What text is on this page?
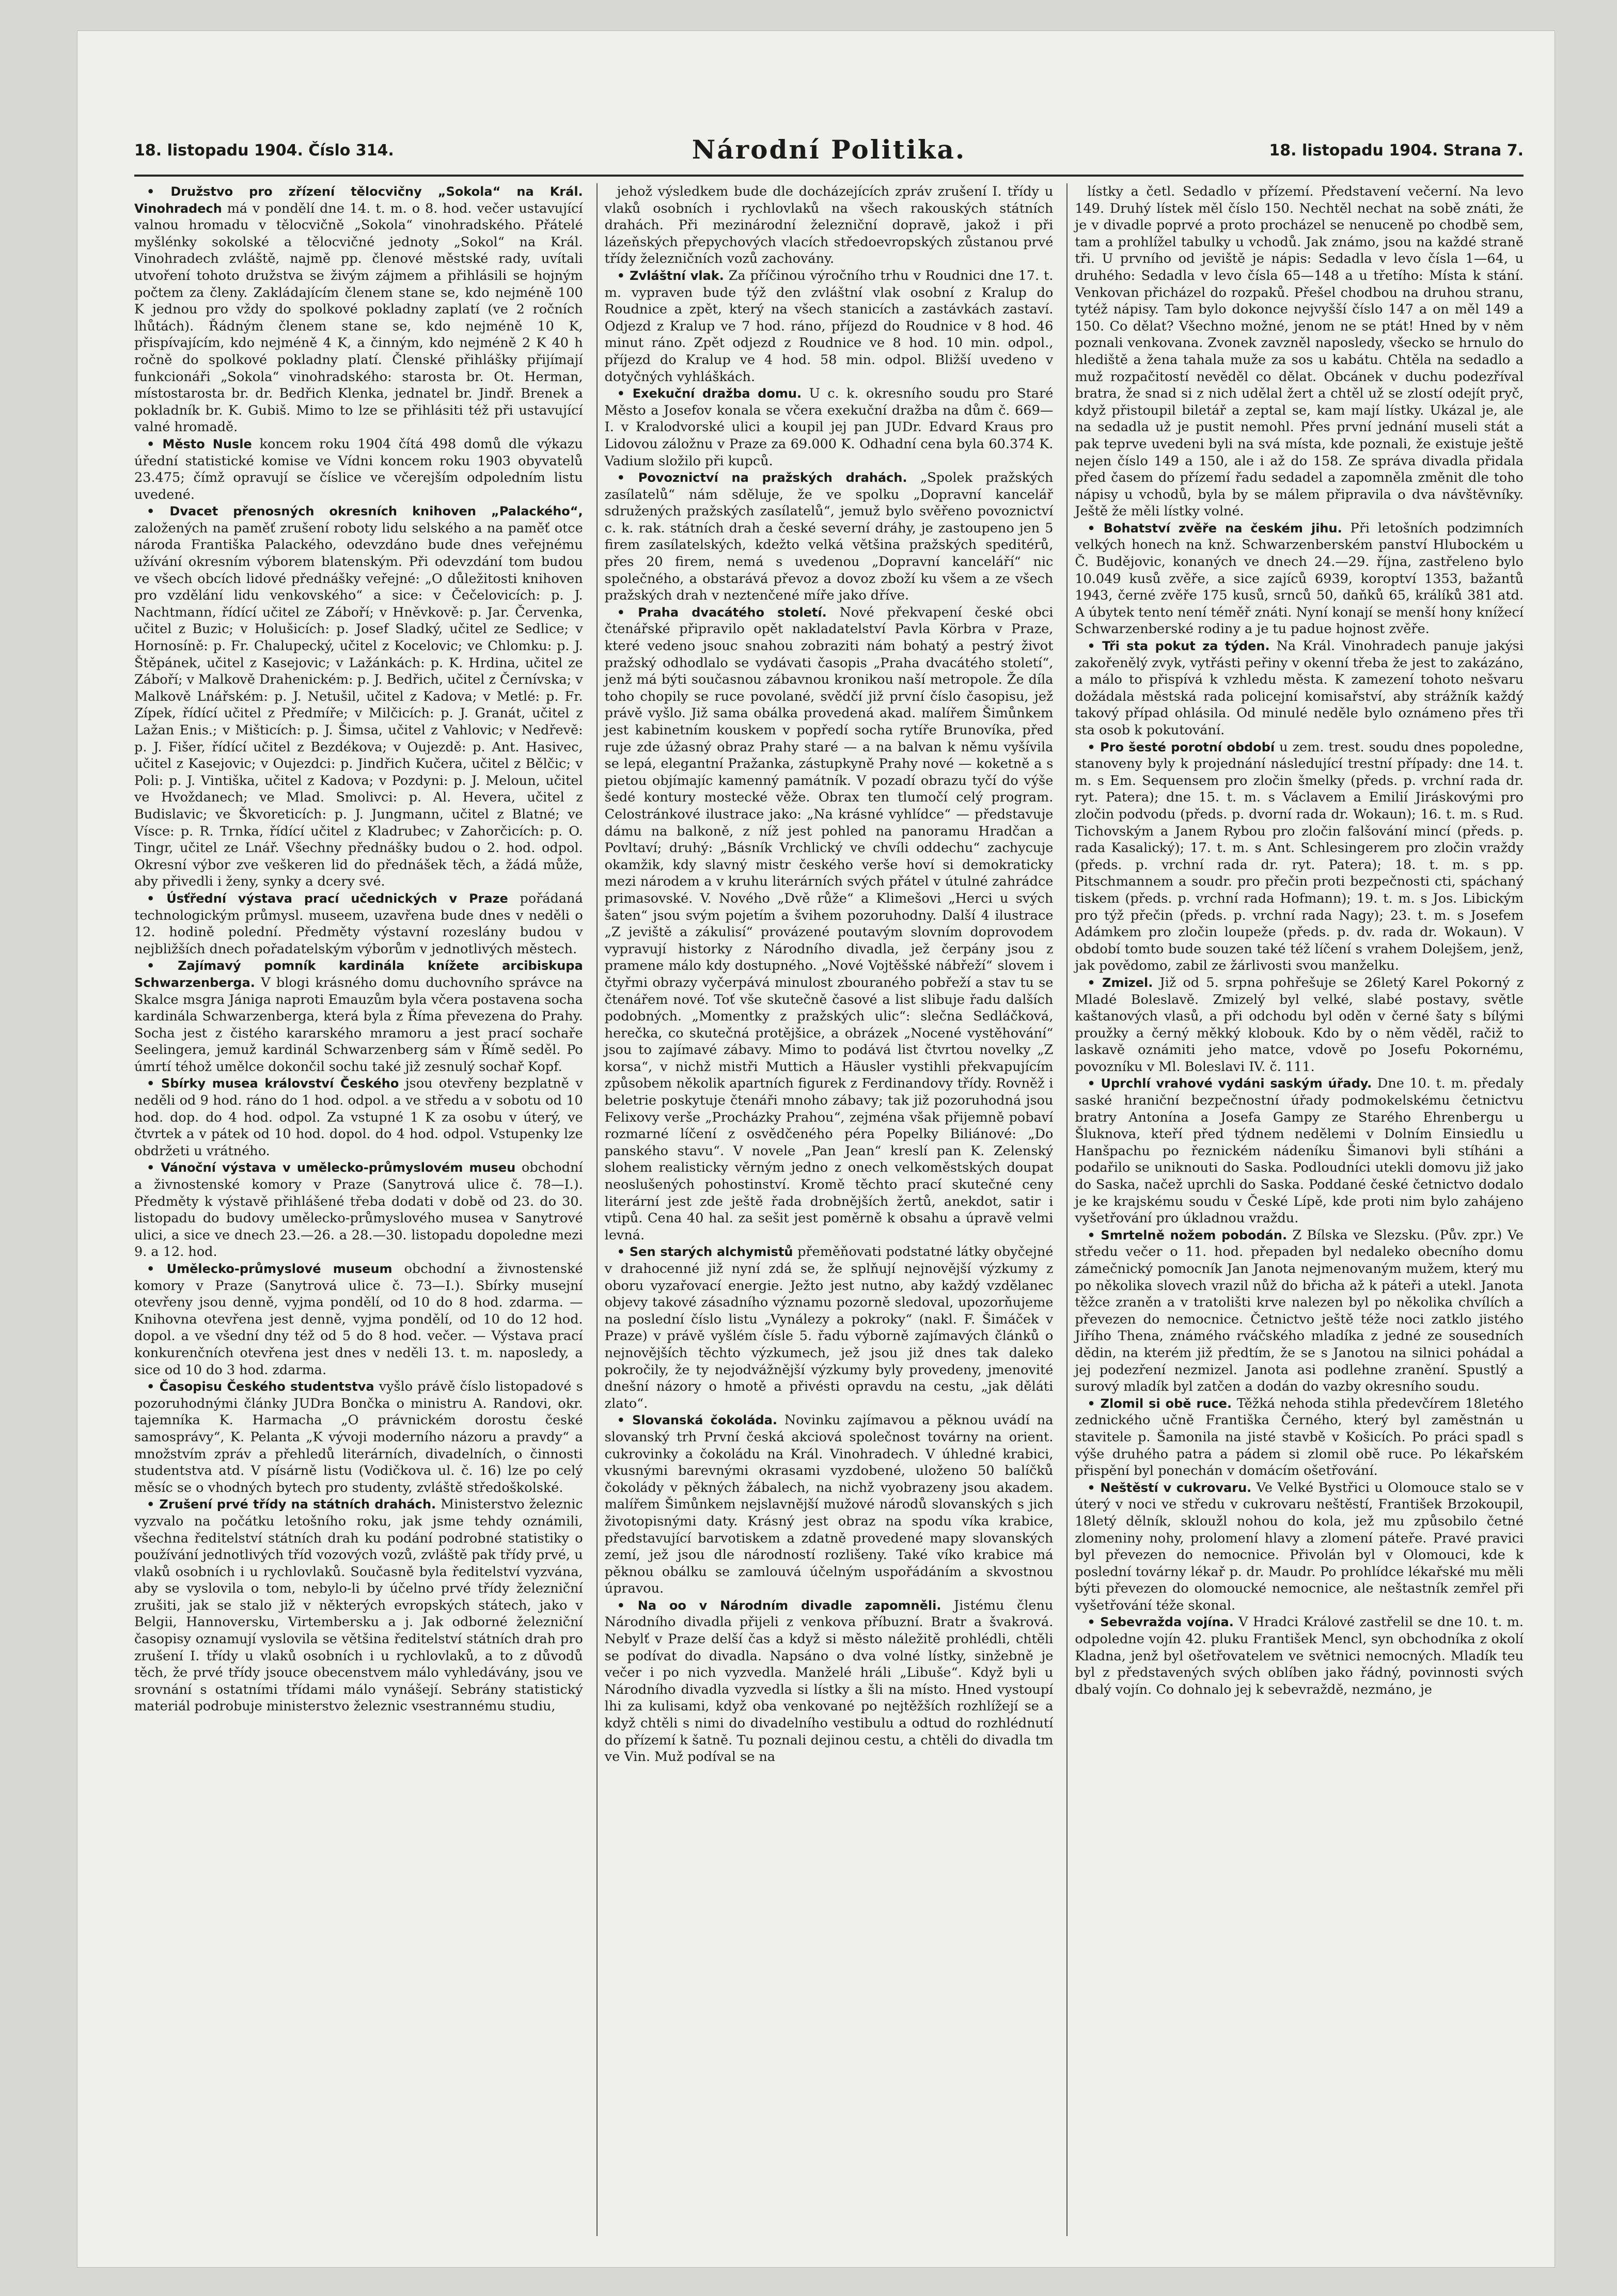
18. listopadu 1904. Číslo 314.	Národní Politika.	18. listopadu 1904. Strana 7.

• Družstvo pro zřízení tělocvičny „Sokola“ na Král. Vinohradech má v pondělí dne 14. t. m. o 8. hod. večer ustavující valnou hromadu v tělocvičně „Sokola“ vinohradského. Přátelé myšlénky sokolské a tělocvičné jednoty „Sokol“ na Král. Vinohradech zvláště, najmě pp. členové městské rady, uvítali utvoření tohoto družstva se živým zájmem a přihlásili se hojným počtem za členy. Zakládajícím členem stane se, kdo nejméně 100 K jednou pro vždy do spolkové pokladny zaplatí (ve 2 ročních lhůtách). Řádným členem stane se, kdo nejméně 10 K, přispívajícím, kdo nejméně 4 K, a činným, kdo nejméně 2 K 40 h ročně do spolkové pokladny platí. Členské přihlášky přijímají funkcionáři „Sokola“ vinohradského: starosta br. Ot. Herman, místostarosta br. dr. Bedřich Klenka, jednatel br. Jindř. Brenek a pokladník br. K. Gubiš. Mimo to lze se přihlásiti též při ustavující valné hromadě.

• Město Nusle koncem roku 1904 čítá 498 domů dle výkazu úřední statistické komise ve Vídni koncem roku 1903 obyvatelů 23.475; čímž opravují se číslice ve včerejším odpoledním listu uvedené.

• Dvacet přenosných okresních knihoven „Palackého“, založených na paměť zrušení roboty lidu selského a na paměť otce národa Františka Palackého, odevzdáno bude dnes veřejnému užívání okresním výborem blatenským. Při odevzdání tom budou ve všech obcích lidové přednášky veřejné: „O důležitosti knihoven pro vzdělání lidu venkovského“ a sice: v Čečelovicích: p. J. Nachtmann, řídící učitel ze Záboří; v Hněvkově: p. Jar. Červenka, učitel z Buzic; v Holušicích: p. Josef Sladký, učitel ze Sedlice; v Hornosíně: p. Fr. Chalupecký, učitel z Kocelovic; ve Chlomku: p. J. Štěpánek, učitel z Kasejovic; v Lažánkách: p. K. Hrdina, učitel ze Záboří; v Malkově Drahenickém: p. J. Bedřich, učitel z Černívska; v Malkově Lnářském: p. J. Netušil, učitel z Kadova; v Metlé: p. Fr. Zípek, řídící učitel z Předmíře; v Milčicích: p. J. Granát, učitel z Lažan Enis.; v Mišticích: p. J. Šimsa, učitel z Vahlovic; v Nedřevě: p. J. Fišer, řídící učitel z Bezdékova; v Oujezdě: p. Ant. Hasivec, učitel z Kasejovic; v Oujezdci: p. Jindřich Kučera, učitel z Bělčic; v Poli: p. J. Vintiška, učitel z Kadova; v Pozdyni: p. J. Meloun, učitel ve Hvoždanech; ve Mlad. Smolivci: p. Al. Hevera, učitel z Budislavic; ve Škvoreticích: p. J. Jungmann, učitel z Blatné; ve Vísce: p. R. Trnka, řídící učitel z Kladrubec; v Zahorčicích: p. O. Tingr, učitel ze Lnář. Všechny přednášky budou o 2. hod. odpol. Okresní výbor zve veškeren lid do přednášek těch, a žádá může, aby přivedli i ženy, synky a dcery své.

• Úsťřední výstava prací učednických v Praze pořádaná technologickým průmysl. museem, uzavřena bude dnes v neděli o 12. hodině polední. Předměty výstavní rozeslány budou v nejbližších dnech pořadatelským výborům v jednotlivých městech.

• Zajímavý pomník kardinála knížete arcibiskupa Schwarzenberga. V blogi krásného domu duchovního správce na Skalce msgra Jániga naproti Emauzům byla včera postavena socha kardinála Schwarzenberga, která byla z Říma převezena do Prahy. Socha jest z čistého kararského mramoru a jest prací sochaře Seelingera, jemuž kardinál Schwarzenberg sám v Římě seděl. Po úmrtí téhož umělce dokončil sochu také již zesnulý sochař Kopf.

• Sbírky musea království Českého jsou otevřeny bezplatně v neděli od 9 hod. ráno do 1 hod. odpol. a ve středu a v sobotu od 10 hod. dop. do 4 hod. odpol. Za vstupné 1 K za osobu v úterý, ve čtvrtek a v pátek od 10 hod. dopol. do 4 hod. odpol. Vstupenky lze obdržeti u vrátného.

• Vánoční výstava v umělecko-průmyslovém museu obchodní a živnostenské komory v Praze (Sanytrová ulice č. 78—I.). Předměty k výstavě přihlášené třeba dodati v době od 23. do 30. listopadu do budovy umělecko-průmyslového musea v Sanytrové ulici, a sice ve dnech 23.—26. a 28.—30. listopadu dopoledne mezi 9. a 12. hod.

• Umělecko-průmyslové museum obchodní a živnostenské komory v Praze (Sanytrová ulice č. 73—I.). Sbírky musejní otevřeny jsou denně, vyjma pondělí, od 10 do 8 hod. zdarma. — Knihovna otevřena jest denně, vyjma pondělí, od 10 do 12 hod. dopol. a ve všední dny též od 5 do 8 hod. večer. — Výstava prací konkurenčních otevřena jest dnes v neděli 13. t. m. naposledy, a sice od 10 do 3 hod. zdarma.

• Časopisu Českého studentstva vyšlo právě číslo listopadové s pozoruhodnými články JUDra Bončka o ministru A. Randovi, okr. tajemníka K. Harmacha „O právnickém dorostu české samosprávy“, K. Pelanta „K vývoji moderního názoru a pravdy“ a množstvím zpráv a přehledů literárních, divadelních, o činnosti studentstva atd. V písárně listu (Vodičkova ul. č. 16) lze po celý měsíc se o vhodných bytech pro studenty, zvláště středoškolské.

• Zrušení prvé třídy na státních drahách. Ministerstvo železnic vyzvalo na počátku letošního roku, jak jsme tehdy oznámili, všechna ředitelství státních drah ku podání podrobné statistiky o používání jednotlivých tříd vozových vozů, zvláště pak třídy prvé, u vlaků osobních i u rychlovlaků. Současně byla ředitelství vyzvána, aby se vyslovila o tom, nebylo-li by účelno prvé třídy železniční zrušiti, jak se stalo již v některých evropských státech, jako v Belgii, Hannoversku, Virtembersku a j. Jak odborné železniční časopisy oznamují vyslovila se většina ředitelství státních drah pro zrušení I. třídy u vlaků osobních i u rychlovlaků, a to z důvodů těch, že prvé třídy jsouce obecenstvem málo vyhledávány, jsou ve srovnání s ostatními třídami málo vynášejí. Sebrány statistický materiál podrobuje ministerstvo železnic vsestrannému studiu,

jehož výsledkem bude dle docházejících zpráv zrušení I. třídy u vlaků osobních i rychlovlaků na všech rakouských státních drahách. Při mezinárodní železniční dopravě, jakož i při lázeňských přepychových vlacích středoevropských zůstanou prvé třídy železničních vozů zachovány.

• Zvláštní vlak. Za příčinou výročního trhu v Roudnici dne 17. t. m. vypraven bude týž den zvláštní vlak osobní z Kralup do Roudnice a zpět, který na všech stanicích a zastávkách zastaví. Odjezd z Kralup ve 7 hod. ráno, příjezd do Roudnice v 8 hod. 46 minut ráno. Zpět odjezd z Roudnice ve 8 hod. 10 min. odpol., příjezd do Kralup ve 4 hod. 58 min. odpol. Bližší uvedeno v dotyčných vyhláškách.

• Exekuční dražba domu. U c. k. okresního soudu pro Staré Město a Josefov konala se včera exekuční dražba na dům č. 669—I. v Kralodvorské ulici a koupil jej pan JUDr. Edvard Kraus pro Lidovou záložnu v Praze za 69.000 K. Odhadní cena byla 60.374 K. Vadium složilo při kupců.

• Povoznictví na pražských drahách. „Spolek pražských zasílatelů“ nám sděluje, že ve spolku „Dopravní kancelář sdružených pražských zasílatelů“, jemuž bylo svěřeno povoznictví c. k. rak. státních drah a české severní dráhy, je zastoupeno jen 5 firem zasílatelských, kdežto velká většina pražských speditérů, přes 20 firem, nemá s uvedenou „Dopravní kanceláří“ nic společného, a obstarává převoz a dovoz zboží ku všem a ze všech pražských drah v neztenčené míře jako dříve.

• Praha dvacátého století. Nové překvapení české obci čtenářské připravilo opět nakladatelství Pavla Körbra v Praze, které vedeno jsouc snahou zobraziti nám bohatý a pestrý život pražský odhodlalo se vydávati časopis „Praha dvacátého století“, jenž má býti současnou zábavnou kronikou naší metropole. Že díla toho chopily se ruce povolané, svědčí již první číslo časopisu, jež právě vyšlo. Již sama obálka provedená akad. malířem Šimůnkem jest kabinetním kouskem v popředí socha rytíře Brunovíka, před ruje zde úžasný obraz Prahy staré — a na balvan k němu vyšívila se lepá, elegantní Pražanka, zástupkyně Prahy nové — koketně a s pietou objímajíc kamenný památník. V pozadí obrazu tyčí do výše šedé kontury mostecké věže. Obrax ten tlumočí celý program. Celostránkové ilustrace jako: „Na krásné vyhlídce“ — představuje dámu na balkoně, z níž jest pohled na panoramu Hradčan a Povltaví; druhý: „Básník Vrchlický ve chvíli oddechu“ zachycuje okamžik, kdy slavný mistr českého verše hoví si demokraticky mezi národem a v kruhu literárních svých přátel v útulné zahrádce primasovské. V. Nového „Dvě růže“ a Klimešovi „Herci u svých šaten“ jsou svým pojetím a švihem pozoruhodny. Další 4 ilustrace „Z jeviště a zákulisí“ provázené poutavým slovním doprovodem vypravují historky z Národního divadla, jež čerpány jsou z pramene málo kdy dostupného. „Nové Vojtěšské nábřeží“ slovem i čtyřmi obrazy vyčerpává minulost zbouraného pobřeží a stav tu se čtenářem nové. Toť vše skutečně časové a list slibuje řadu dalších podobných. „Momentky z pražských ulic“: slečna Sedláčková, herečka, co skutečná protějšice, a obrázek „Nocené vystěhování“ jsou to zajímavé zábavy. Mimo to podává list čtvrtou novelky „Z korsa“, v nichž mistři Muttich a Häusler vystihli překvapujícím způsobem několik apartních figurek z Ferdinandovy třídy. Rovněž i beletrie poskytuje čtenáři mnoho zábavy; tak již pozoruhodná jsou Felixovy verše „Procházky Prahou“, zejména však přijemně pobaví rozmarné líčení z osvědčeného péra Popelky Biliánové: „Do panského stavu“. V novele „Pan Jean“ kreslí pan K. Zelenský slohem realisticky věrným jedno z onech velkoměstských doupat neoslušených pohostinství. Kromě těchto prací skutečné ceny literární jest zde ještě řada drobnějších žertů, anekdot, satir i vtipů. Cena 40 hal. za sešit jest poměrně k obsahu a úpravě velmi levná.

• Sen starých alchymistů přeměňovati podstatné látky obyčejné v drahocenné již nyní zdá se, že splňují nejnovější výzkumy z oboru vyzařovací energie. Ježto jest nutno, aby každý vzdělanec objevy takové zásadního významu pozorně sledoval, upozorňujeme na poslední číslo listu „Vynálezy a pokroky“ (nakl. F. Šimáček v Praze) v právě vyšlém čísle 5. řadu výborně zajímavých článků o nejnovějších těchto výzkumech, jež jsou již dnes tak daleko pokročily, že ty nejodvážnější výzkumy byly provedeny, jmenovité dnešní názory o hmotě a přivésti opravdu na cestu, „jak děláti zlato“.

• Slovanská čokoláda. Novinku zajímavou a pěknou uvádí na slovanský trh První česká akciová společnost továrny na orient. cukrovinky a čokoládu na Král. Vinohradech. V úhledné krabici, vkusnými barevnými okrasami vyzdobené, uloženo 50 balíčků čokolády v pěkných žábalech, na nichž vyobrazeny jsou akadem. malířem Šimůnkem nejslavnější mužové národů slovanských s jich životopisnými daty. Krásný jest obraz na spodu víka krabice, představující barvotiskem a zdatně provedené mapy slovanských zemí, jež jsou dle národností rozlišeny. Také víko krabice má pěknou obálku se zamlouvá účelným uspořádáním a skvostnou úpravou.

• Na oo v Národním divadle zapomněli. Jistému členu Národního divadla přijeli z venkova příbuzní. Bratr a švakrová. Nebylť v Praze delší čas a když si město náležitě prohlédli, chtěli se podívat do divadla. Napsáno o dva volné lístky, sinžebně je večer i po nich vyzvedla. Manželé hráli „Libuše“. Když byli u Národního divadla vyzvedla si lístky a šli na místo. Hned vystoupí lhi za kulisami, když oba venkované po nejtěžších rozhlížejí se a když chtěli s nimi do divadelního vestibulu a odtud do rozhlédnutí do přízemí k šatně. Tu poznali dejinou cestu, a chtěli do divadla tm ve Vin. Muž podíval se na

lístky a četl. Sedadlo v přízemí. Představení večerní. Na levo 149. Druhý lístek měl číslo 150. Nechtěl nechat na sobě znáti, že je v divadle poprvé a proto procházel se nenuceně po chodbě sem, tam a prohlížel tabulky u vchodů. Jak známo, jsou na každé straně tři. U prvního od jeviště je nápis: Sedadla v levo čísla 1—64, u druhého: Sedadla v levo čísla 65—148 a u třetího: Místa k stání. Venkovan přicházel do rozpaků. Přešel chodbou na druhou stranu, tytéž nápisy. Tam bylo dokonce nejvyšší číslo 147 a on měl 149 a 150. Co dělat? Všechno možné, jenom ne se ptát! Hned by v něm poznali venkovana. Zvonek zavzněl naposledy, všecko se hrnulo do hlediště a žena tahala muže za sos u kabátu. Chtěla na sedadlo a muž rozpačitostí nevěděl co dělat. Obcánek v duchu podezříval bratra, že snad si z nich udělal žert a chtěl už se zlostí odejít pryč, když přistoupil biletář a zeptal se, kam mají lístky. Ukázal je, ale na sedadla už je pustit nemohl. Přes první jednání museli stát a pak teprve uvedeni byli na svá místa, kde poznali, že existuje ještě nejen číslo 149 a 150, ale i až do 158. Ze správa divadla přidala před časem do přízemí řadu sedadel a zapomněla změnit dle toho nápisy u vchodů, byla by se málem připravila o dva návštěvníky. Ještě že měli lístky volné.

• Bohatství zvěře na českém jihu. Při letošních podzimních velkých honech na knž. Schwarzenberském panství Hlubockém u Č. Budějovic, konaných ve dnech 24.—29. října, zastřeleno bylo 10.049 kusů zvěře, a sice zajíců 6939, koroptví 1353, bažantů 1943, černé zvěře 175 kusů, srnců 50, daňků 65, králíků 381 atd. A úbytek tento není téměř znáti. Nyní konají se menší hony knížecí Schwarzenberské rodiny a je tu padue hojnost zvěře.

• Tři sta pokut za týden. Na Král. Vinohradech panuje jakýsi zakořenělý zvyk, vytřásti peřiny v okenní třeba že jest to zakázáno, a málo to přispívá k vzhledu města. K zamezení tohoto nešvaru dožádala městská rada policejní komisařství, aby strážník každý takový případ ohlásila. Od minulé neděle bylo oznámeno přes tři sta osob k pokutování.

• Pro šesté porotní období u zem. trest. soudu dnes popoledne, stanoveny byly k projednání následující trestní případy: dne 14. t. m. s Em. Sequensem pro zločin šmelky (předs. p. vrchní rada dr. ryt. Patera); dne 15. t. m. s Václavem a Emilií Jiráskovými pro zločin podvodu (předs. p. dvorní rada dr. Wokaun); 16. t. m. s Rud. Tichovským a Janem Rybou pro zločin falšování mincí (předs. p. rada Kasalický); 17. t. m. s Ant. Schlesingerem pro zločin vraždy (předs. p. vrchní rada dr. ryt. Patera); 18. t. m. s pp. Pitschmannem a soudr. pro přečin proti bezpečnosti cti, spáchaný tiskem (předs. p. vrchní rada Hofmann); 19. t. m. s Jos. Libickým pro týž přečin (předs. p. vrchní rada Nagy); 23. t. m. s Josefem Adámkem pro zločin loupeže (předs. p. dv. rada dr. Wokaun). V období tomto bude souzen také též líčení s vrahem Dolejšem, jenž, jak povědomo, zabil ze žárlivosti svou manželku.

• Zmizel. Již od 5. srpna pohřešuje se 26letý Karel Pokorný z Mladé Boleslavě. Zmizelý byl velké, slabé postavy, světle kaštanových vlasů, a při odchodu byl oděn v černé šaty s bílými proužky a černý měkký klobouk. Kdo by o něm věděl, račiž to laskavě oznámiti jeho matce, vdově po Josefu Pokornému, povozníku v Ml. Boleslavi IV. č. 111.

• Uprchlí vrahové vydáni saským úřady. Dne 10. t. m. předaly saské hraniční bezpečnostní úřady podmokelskému četnictvu bratry Antonína a Josefa Gampy ze Starého Ehrenbergu u Šluknova, kteří před týdnem nedělemi v Dolním Einsiedlu u Hanšpachu po řeznickém nádeníku Šimanovi byli stíháni a podařilo se uniknouti do Saska. Podloudníci utekli domovu již jako do Saska, načež uprchli do Saska. Poddané české četnictvo dodalo je ke krajskému soudu v České Lípě, kde proti nim bylo zahájeno vyšetřování pro úkladnou vraždu.

• Smrtelně nožem pobodán. Z Bílska ve Slezsku. (Pův. zpr.) Ve středu večer o 11. hod. přepaden byl nedaleko obecního domu zámečnický pomocník Jan Janota nejmenovaným mužem, který mu po několika slovech vrazil nůž do břicha až k páteři a utekl. Janota těžce zraněn a v tratolišti krve nalezen byl po několika chvílích a převezen do nemocnice. Četnictvo ještě téže noci zatklo jistého Jiřího Thena, známého rváčského mladíka z jedné ze sousedních dědin, na kterém již předtím, že se s Janotou na silnici pohádal a jej podezření nezmizel. Janota asi podlehne zranění. Spustlý a surový mladík byl zatčen a dodán do vazby okresního soudu.

• Zlomil si obě ruce. Těžká nehoda stihla předevčírem 18letého zednického učně Františka Černého, který byl zaměstnán u stavitele p. Šamonila na jisté stavbě v Košicích. Po práci spadl s výše druhého patra a pádem si zlomil obě ruce. Po lékařském přispění byl ponechán v domácím ošetřování.

• Neštěstí v cukrovaru. Ve Velké Bystřici u Olomouce stalo se v úterý v noci ve středu v cukrovaru neštěstí, František Brzokoupil, 18letý dělník, skloužl nohou do kola, jež mu způsobilo četné zlomeniny nohy, prolomení hlavy a zlomení páteře. Pravé pravici byl převezen do nemocnice. Přivolán byl v Olomouci, kde k poslední továrny lékař p. dr. Maudr. Po prohlídce lékařské mu měli býti převezen do olomoucké nemocnice, ale neštastník zemřel při vyšetřování téže skonal.

• Sebevražda vojína. V Hradci Králové zastřelil se dne 10. t. m. odpoledne vojín 42. pluku František Mencl, syn obchodníka z okolí Kladna, jenž byl ošetřovatelem ve světnici nemocných. Mladík teu byl z představených svých oblíben jako řádný, povinnosti svých dbalý vojín. Co dohnalo jej k sebevraždě, nezmáno, je
